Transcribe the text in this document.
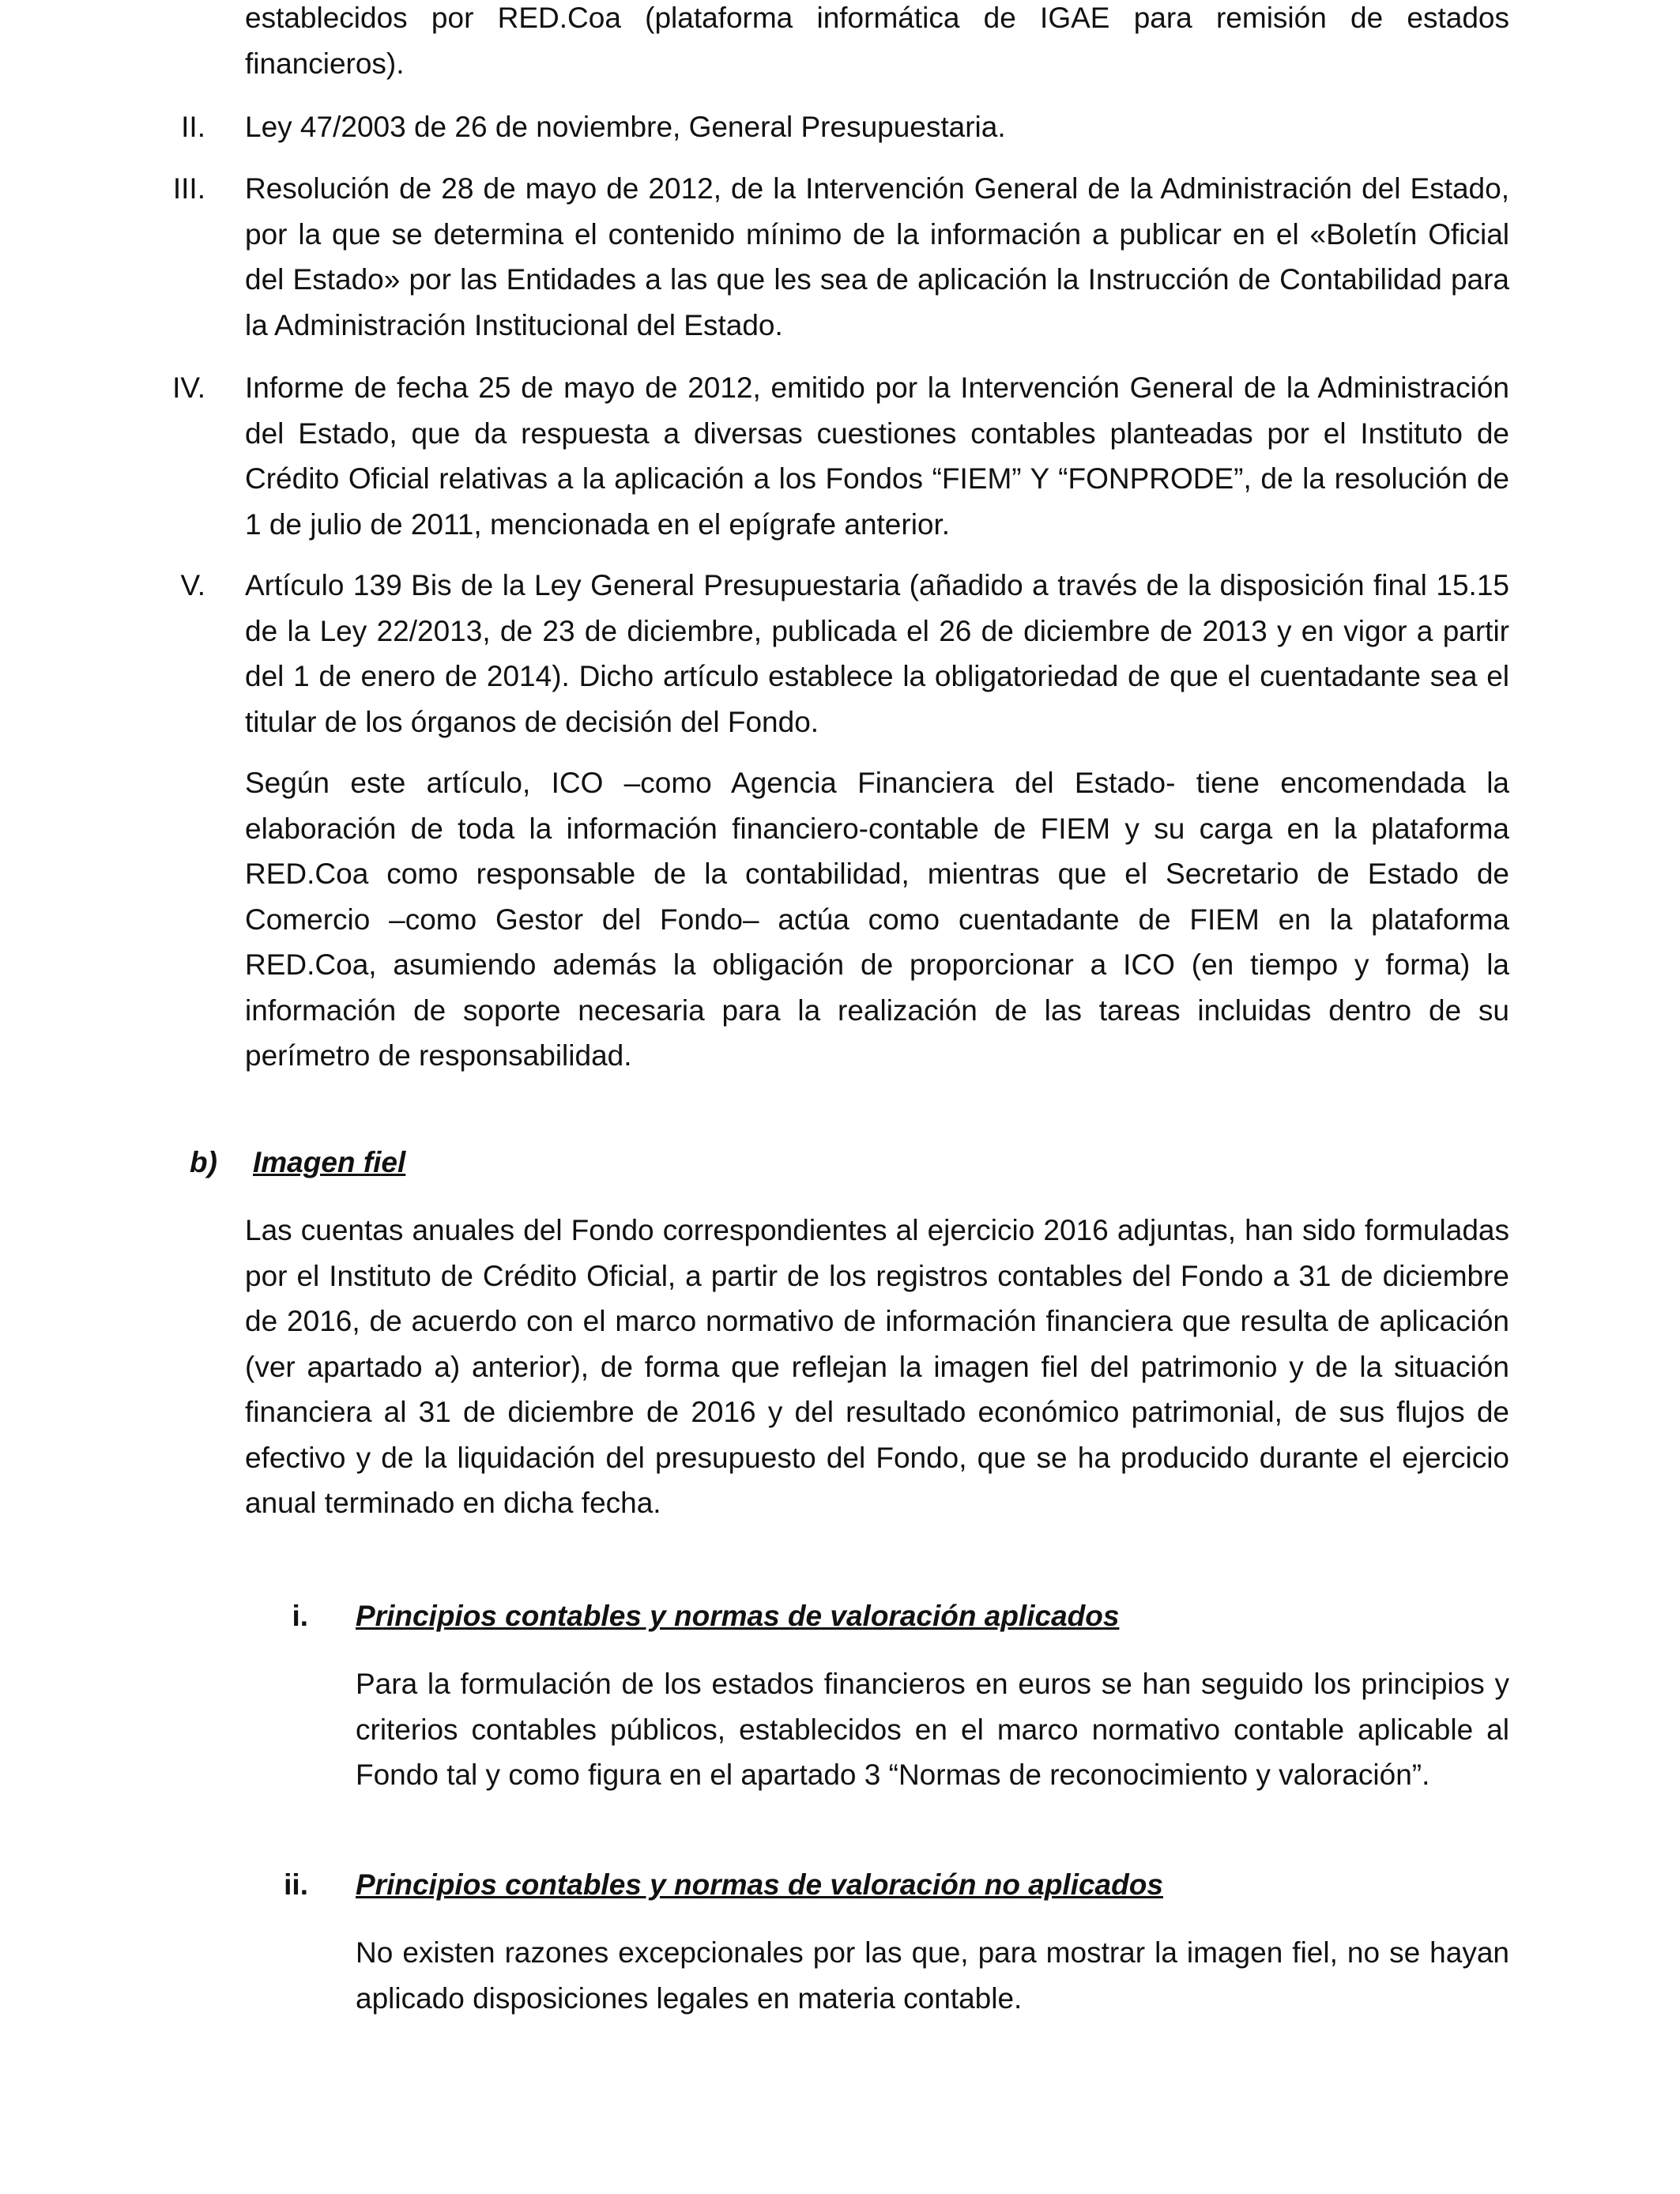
establecidos por RED.Coa (plataforma informática de IGAE para remisión de estados financieros).
II. Ley 47/2003 de 26 de noviembre, General Presupuestaria.
III. Resolución de 28 de mayo de 2012, de la Intervención General de la Administración del Estado, por la que se determina el contenido mínimo de la información a publicar en el «Boletín Oficial del Estado» por las Entidades a las que les sea de aplicación la Instrucción de Contabilidad para la Administración Institucional del Estado.
IV. Informe de fecha 25 de mayo de 2012, emitido por la Intervención General de la Administración del Estado, que da respuesta a diversas cuestiones contables planteadas por el Instituto de Crédito Oficial relativas a la aplicación a los Fondos “FIEM” Y “FONPRODE”, de la resolución de 1 de julio de 2011, mencionada en el epígrafe anterior.
V. Artículo 139 Bis de la Ley General Presupuestaria (añadido a través de la disposición final 15.15 de la Ley 22/2013, de 23 de diciembre, publicada el 26 de diciembre de 2013 y en vigor a partir del 1 de enero de 2014). Dicho artículo establece la obligatoriedad de que el cuentadante sea el titular de los órganos de decisión del Fondo.
Según este artículo, ICO –como Agencia Financiera del Estado- tiene encomendada la elaboración de toda la información financiero-contable de FIEM y su carga en la plataforma RED.Coa como responsable de la contabilidad, mientras que el Secretario de Estado de Comercio –como Gestor del Fondo– actúa como cuentadante de FIEM en la plataforma RED.Coa, asumiendo además la obligación de proporcionar a ICO (en tiempo y forma) la información de soporte necesaria para la realización de las tareas incluidas dentro de su perímetro de responsabilidad.
b) Imagen fiel
Las cuentas anuales del Fondo correspondientes al ejercicio 2016 adjuntas, han sido formuladas por el Instituto de Crédito Oficial, a partir de los registros contables del Fondo a 31 de diciembre de 2016, de acuerdo con el marco normativo de información financiera que resulta de aplicación (ver apartado a) anterior), de forma que reflejan la imagen fiel del patrimonio y de la situación financiera al 31 de diciembre de 2016 y del resultado económico patrimonial, de sus flujos de efectivo y de la liquidación del presupuesto del Fondo, que se ha producido durante el ejercicio anual terminado en dicha fecha.
i. Principios contables y normas de valoración aplicados
Para la formulación de los estados financieros en euros se han seguido los principios y criterios contables públicos, establecidos en el marco normativo contable aplicable al Fondo tal y como figura en el apartado 3 “Normas de reconocimiento y valoración”.
ii. Principios contables y normas de valoración no aplicados
No existen razones excepcionales por las que, para mostrar la imagen fiel, no se hayan aplicado disposiciones legales en materia contable.
